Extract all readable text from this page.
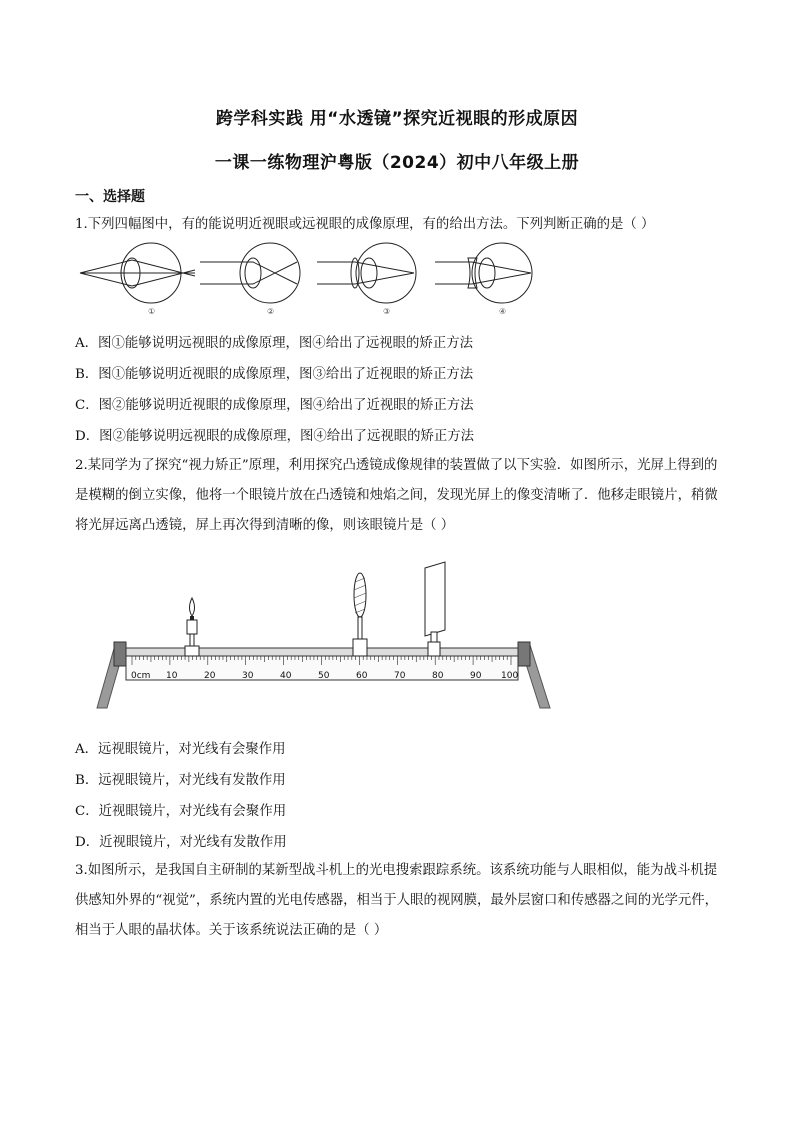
跨学科实践 用“水透镜”探究近视眼的形成原因
一课一练物理沪粤版（2024）初中八年级上册
一、选择题
1.下列四幅图中，有的能说明近视眼或远视眼的成像原理，有的给出方法。下列判断正确的是（ ）
①	②	③	④
A．图①能够说明远视眼的成像原理，图④给出了远视眼的矫正方法
B．图①能够说明近视眼的成像原理，图③给出了近视眼的矫正方法
C．图②能够说明近视眼的成像原理，图④给出了近视眼的矫正方法
D．图②能够说明远视眼的成像原理，图④给出了远视眼的矫正方法
2.某同学为了探究“视力矫正”原理，利用探究凸透镜成像规律的装置做了以下实验．如图所示，光屏上得到的是模糊的倒立实像，他将一个眼镜片放在凸透镜和烛焰之间，发现光屏上的像变清晰了．他移走眼镜片，稍微将光屏远离凸透镜，屏上再次得到清晰的像，则该眼镜片是（ ）
0cm 10	20	30	40	50	60	70	80	90 100
A．远视眼镜片，对光线有会聚作用
B．远视眼镜片，对光线有发散作用
C．近视眼镜片，对光线有会聚作用
D．近视眼镜片，对光线有发散作用
3.如图所示，是我国自主研制的某新型战斗机上的光电搜索跟踪系统。该系统功能与人眼相似，能为战斗机提供感知外界的“视觉”，系统内置的光电传感器，相当于人眼的视网膜，最外层窗口和传感器之间的光学元件，相当于人眼的晶状体。关于该系统说法正确的是（ ）
